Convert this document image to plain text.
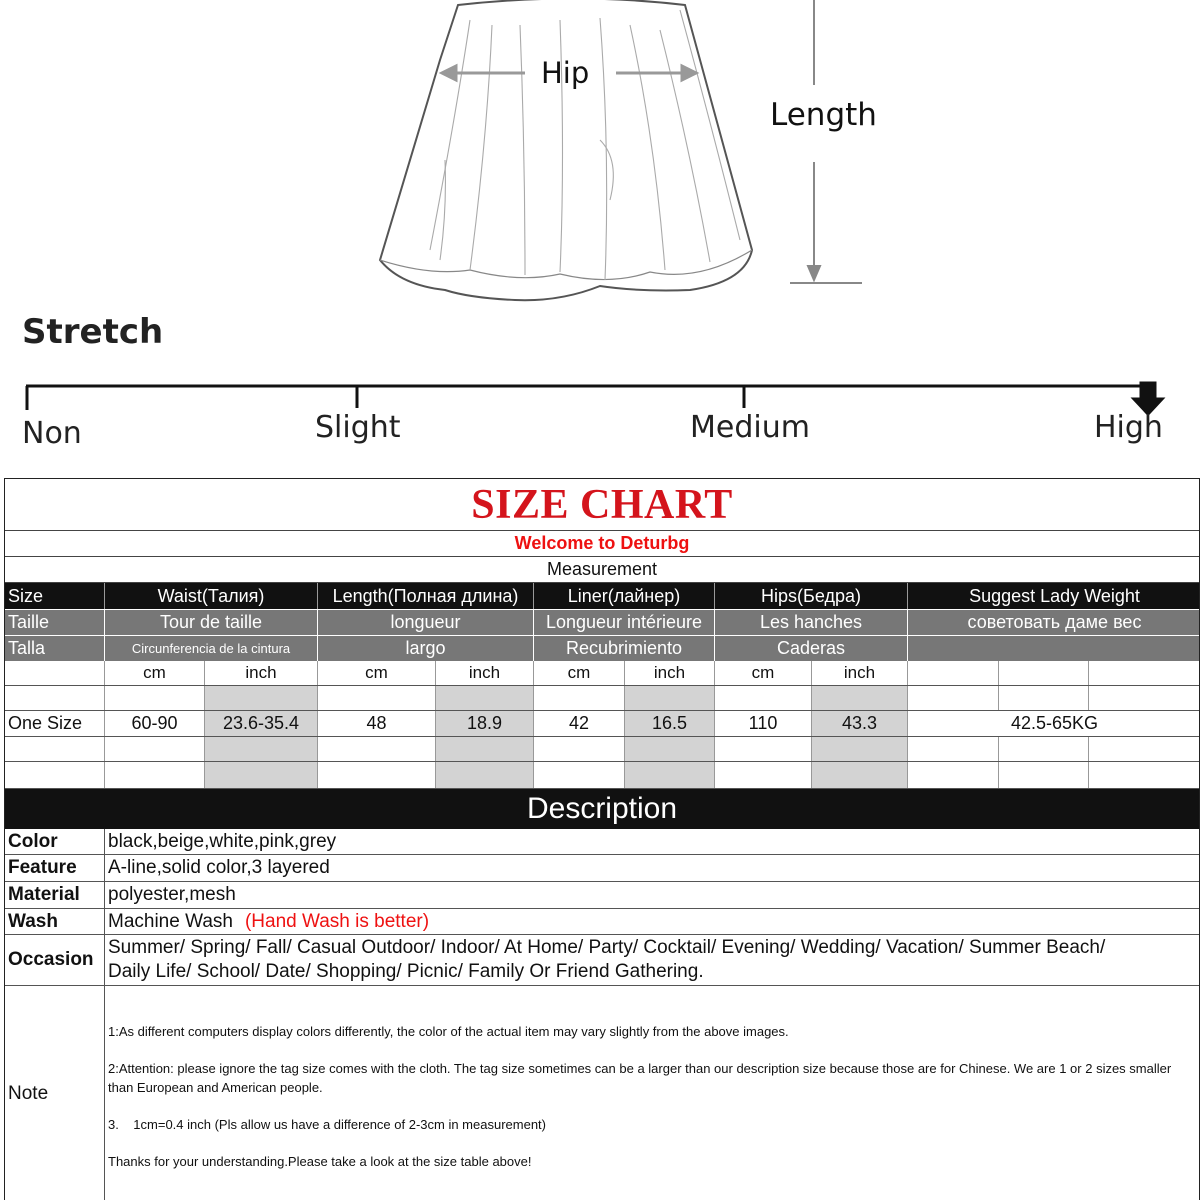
Hip
Length
Stretch
Non	Slight	Medium	High
SIZE CHART
Welcome to Deturbg
Measurement
Size	Waist(Талия)	Length(Полная длина)	Liner(лайнер)	Hips(Бедра)	Suggest Lady Weight
Taille	Tour de taille	longueur	Longueur intérieure	Les hanches	советовать даме вес
Talla	Circunferencia de la cintura	largo	Recubrimiento	Caderas
cm	inch	cm	inch	cm	inch	cm	inch
One Size	60-90	23.6-35.4	48	18.9	42	16.5	110	43.3	42.5-65KG
Description
Color	black,beige,white,pink,grey
Feature	A-line,solid color,3 layered
Material	polyester,mesh
Wash	Machine Wash (Hand Wash is better)
Occasion
Summer/ Spring/ Fall/ Casual Outdoor/ Indoor/ At Home/ Party/ Cocktail/ Evening/ Wedding/ Vacation/ Summer Beach/
Daily Life/ School/ Date/ Shopping/ Picnic/ Family Or Friend Gathering.
Note

1:As different computers display colors differently, the color of the actual item may vary slightly from the above images.

2:Attention: please ignore the tag size comes with the cloth. The tag size sometimes can be a larger than our description size because those are for Chinese. We are 1 or 2 sizes smaller than European and American people.

3.    1cm=0.4 inch (Pls allow us have a difference of 2-3cm in measurement)

Thanks for your understanding.Please take a look at the size table above!
